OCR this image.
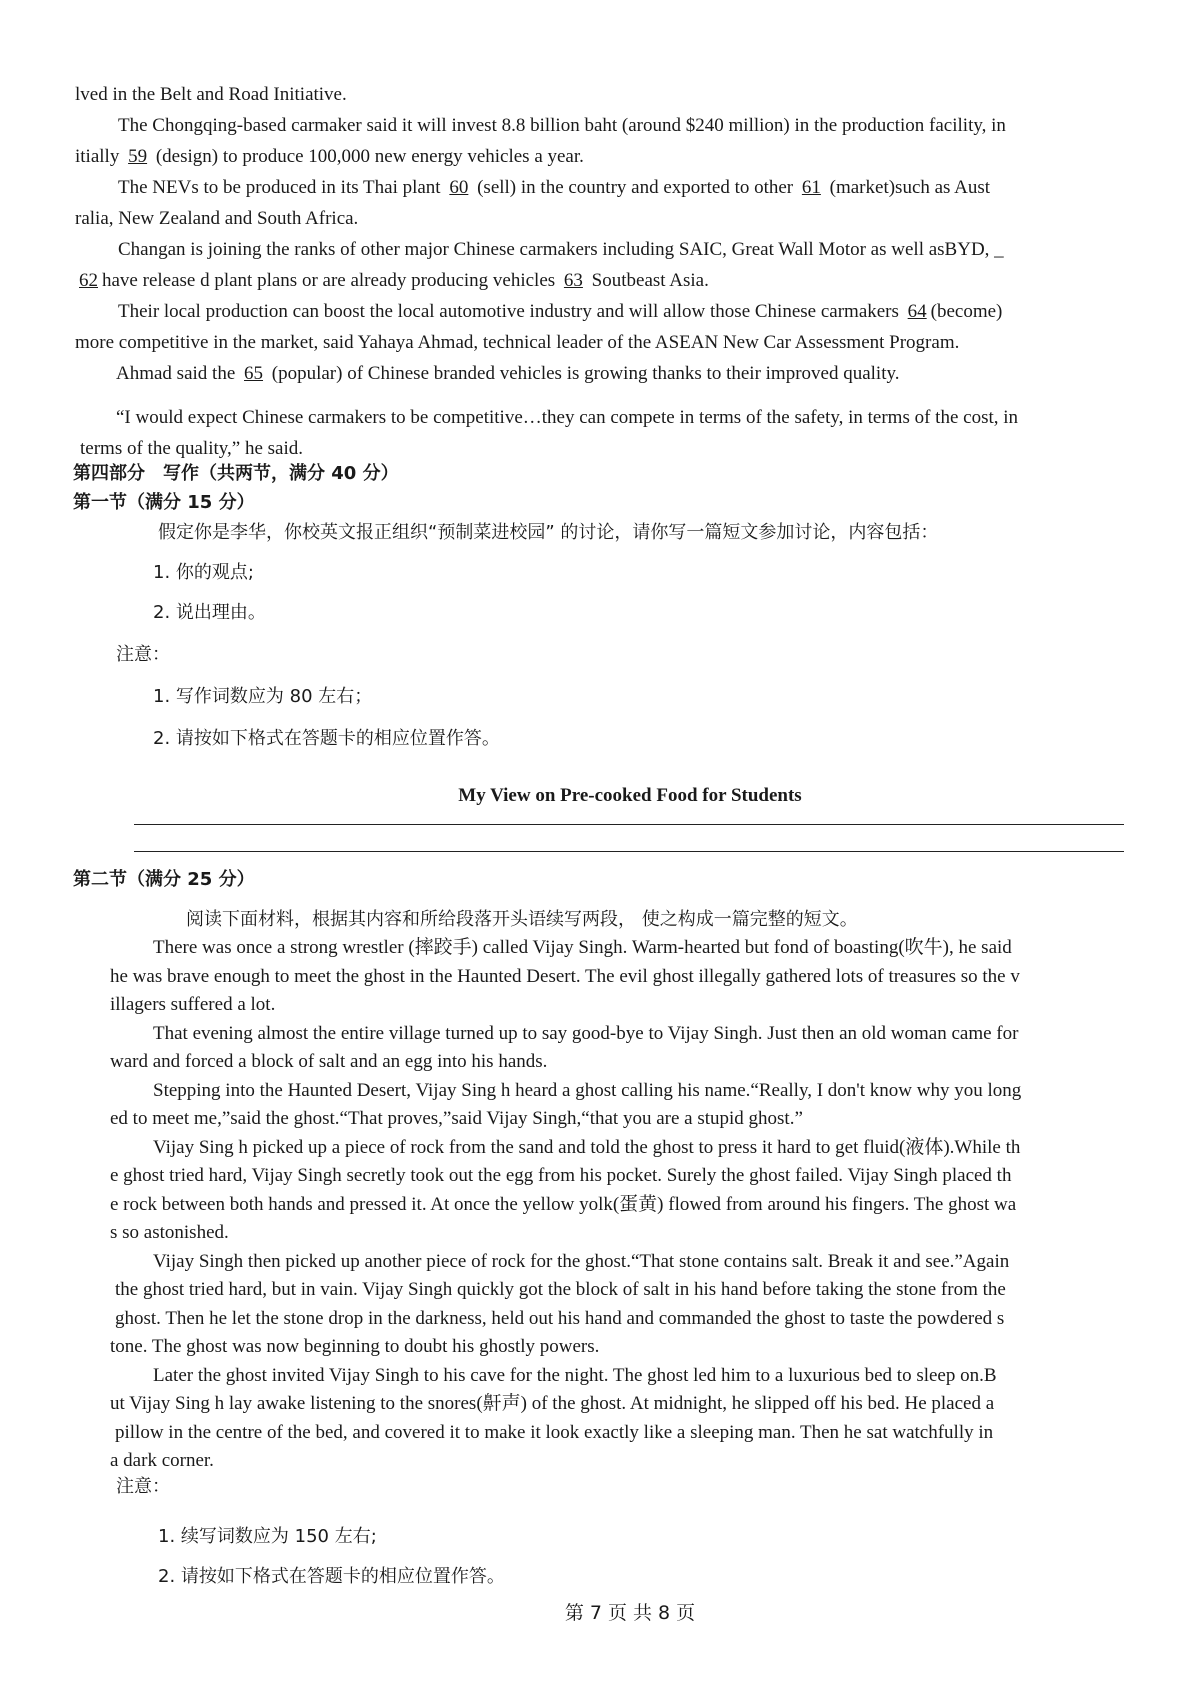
lved in the Belt and Road Initiative.
The Chongqing-based carmaker said it will invest 8.8 billion baht (around $240 million) in the production facility, in
itially 59 (design) to produce 100,000 new energy vehicles a year.
The NEVs to be produced in its Thai plant 60 (sell) in the country and exported to other 61 (market)such as Aust
ralia, New Zealand and South Africa.
Changan is joining the ranks of other major Chinese carmakers including SAIC, Great Wall Motor as well asBYD, _
62 have release d plant plans or are already producing vehicles 63 Soutbeast Asia.
Their local production can boost the local automotive industry and will allow those Chinese carmakers 64 (become)
more competitive in the market, said Yahaya Ahmad, technical leader of the ASEAN New Car Assessment Program.
Ahmad said the 65 (popular) of Chinese branded vehicles is growing thanks to their improved quality.
“I would expect Chinese carmakers to be competitive…they can compete in terms of the safety, in terms of the cost, in
terms of the quality,” he said.
第四部分　写作（共两节，满分 40 分）
第一节（满分 15 分）
假定你是李华，你校英文报正组织“预制菜进校园” 的讨论，请你写一篇短文参加讨论，内容包括：
1. 你的观点;
2. 说出理由。
注意：
1. 写作词数应为 80 左右；
2. 请按如下格式在答题卡的相应位置作答。
My View on Pre-cooked Food for Students
第二节（满分 25 分）
阅读下面材料，根据其内容和所给段落开头语续写两段， 使之构成一篇完整的短文。
There was once a strong wrestler (摔跤手) called Vijay Singh. Warm-hearted but fond of boasting(吹牛), he said
he was brave enough to meet the ghost in the Haunted Desert. The evil ghost illegally gathered lots of treasures so the v
illagers suffered a lot.
That evening almost the entire village turned up to say good-bye to Vijay Singh. Just then an old woman came for
ward and forced a block of salt and an egg into his hands.
Stepping into the Haunted Desert, Vijay Sing h heard a ghost calling his name.“Really, I don't know why you long
ed to meet me,”said the ghost.“That proves,”said Vijay Singh,“that you are a stupid ghost.”
Vijay Sing h picked up a piece of rock from the sand and told the ghost to press it hard to get fluid(液体).While th
e ghost tried hard, Vijay Singh secretly took out the egg from his pocket. Surely the ghost failed. Vijay Singh placed th
e rock between both hands and pressed it. At once the yellow yolk(蛋黄) flowed from around his fingers. The ghost wa
s so astonished.
Vijay Singh then picked up another piece of rock for the ghost.“That stone contains salt. Break it and see.”Again
the ghost tried hard, but in vain. Vijay Singh quickly got the block of salt in his hand before taking the stone from the
ghost. Then he let the stone drop in the darkness, held out his hand and commanded the ghost to taste the powdered s
tone. The ghost was now beginning to doubt his ghostly powers.
Later the ghost invited Vijay Singh to his cave for the night. The ghost led him to a luxurious bed to sleep on.B
ut Vijay Sing h lay awake listening to the snores(鼾声) of the ghost. At midnight, he slipped off his bed. He placed a
pillow in the centre of the bed, and covered it to make it look exactly like a sleeping man. Then he sat watchfully in
a dark corner.
注意：
1. 续写词数应为 150 左右;
2. 请按如下格式在答题卡的相应位置作答。
第 7 页 共 8 页
